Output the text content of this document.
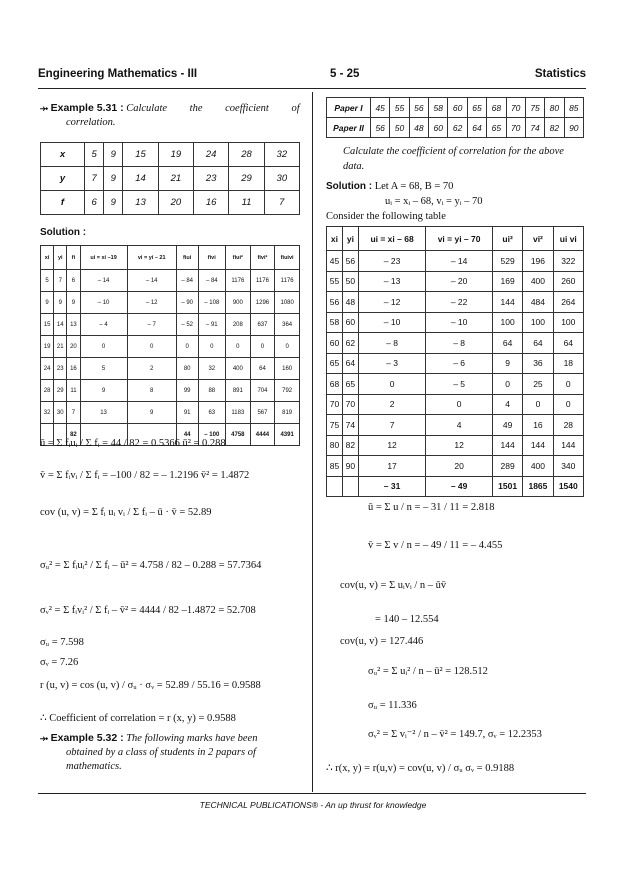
Engineering Mathematics - III	5 - 25	Statistics
⤞ Example 5.31 : Calculate the coefficient of
correlation.
x	5	9	15	19	24	28	32
y	7	9	14	21	23	29	30
f	6	9	13	20	16	11	7
Solution :
xi	yi	fi	ui = xi –19	vi = yi – 21	fiui	fivi	fiui²	fivi²	fiuivi
5	7	6	– 14	– 14	– 84	– 84	1176	1176	1176
9	9	9	– 10	– 12	– 90	– 108	900	1296	1080
15	14	13	– 4	– 7	– 52	– 91	208	637	364
19	21	20	0	0	0	0	0	0	0
24	23	16	5	2	80	32	400	64	160
28	29	11	9	8	99	88	891	704	792
32	30	7	13	9	91	63	1183	567	819
		82			44	– 100	4758	4444	4391
ū = Σ fᵢuᵢ / Σ fᵢ = 44 / 82 = 0.5366 ū² = 0.288
v̄ = Σ fᵢvᵢ / Σ fᵢ = –100 / 82 = – 1.2196 v̄² = 1.4872
cov (u, v) = Σ fᵢ uᵢ vᵢ / Σ fᵢ – ū · v̄ = 52.89
σᵤ² = Σ fᵢuᵢ² / Σ fᵢ – ū² = 4.758 / 82 – 0.288 = 57.7364
σᵥ² = Σ fᵢvᵢ² / Σ fᵢ – v̄² = 4444 / 82 –1.4872 = 52.708
σᵤ = 7.598
σᵥ = 7.26
r (u, v) = cos (u, v) / σᵤ · σᵥ = 52.89 / 55.16 = 0.9588
∴ Coefficient of correlation = r (x, y) = 0.9588
⤞ Example 5.32 : The following marks have been
obtained by a class of students in 2 papars of
mathematics.
Paper I	45	55	56	58	60	65	68	70	75	80	85
Paper II	56	50	48	60	62	64	65	70	74	82	90
Calculate the coefficient of correlation for the above
data.
Solution : Let A = 68, B = 70
uᵢ = xᵢ – 68, vᵢ = yᵢ – 70
Consider the following table
xi	yi	ui = xi – 68	vi = yi – 70	ui²	vi²	ui vi
45	56	– 23	– 14	529	196	322
55	50	– 13	– 20	169	400	260
56	48	– 12	– 22	144	484	264
58	60	– 10	– 10	100	100	100
60	62	– 8	– 8	64	64	64
65	64	– 3	– 6	9	36	18
68	65	0	– 5	0	25	0
70	70	2	0	4	0	0
75	74	7	4	49	16	28
80	82	12	12	144	144	144
85	90	17	20	289	400	340
		– 31	– 49	1501	1865	1540
ū = Σ u / n = – 31 / 11 = 2.818
v̄ = Σ v / n = – 49 / 11 = – 4.455
cov(u, v) = Σ uᵢvᵢ / n – ūv̄
= 140 – 12.554
cov(u, v) = 127.446
σᵤ² = Σ uᵢ² / n – ū² = 128.512
σᵤ = 11.336
σᵥ² = Σ vᵢ⁻² / n – v̄² = 149.7, σᵥ = 12.2353
∴ r(x, y) = r(u,v) = cov(u, v) / σᵤ σᵥ = 0.9188
TECHNICAL PUBLICATIONS® - An up thrust for knowledge
